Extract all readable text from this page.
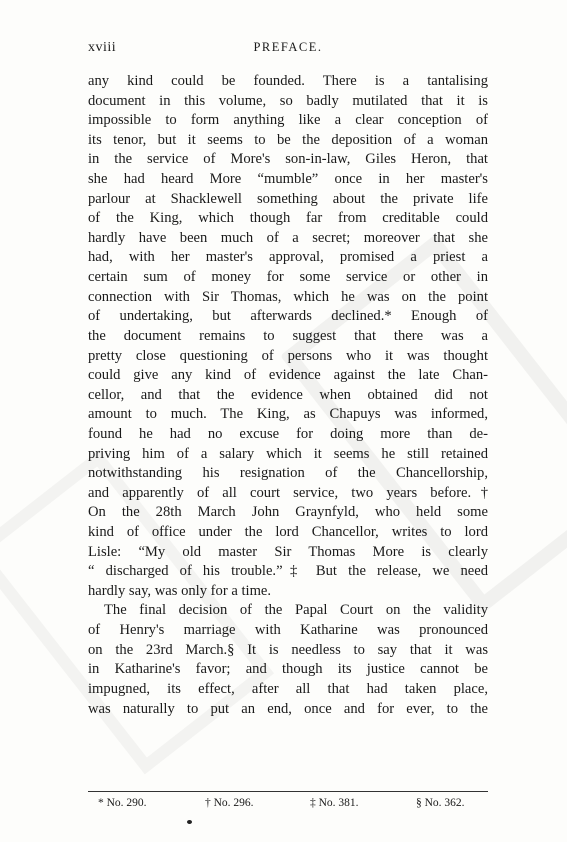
xviii	PREFACE.
any kind could be founded. There is a tantalising
document in this volume, so badly mutilated that it is
impossible to form anything like a clear conception of
its tenor, but it seems to be the deposition of a woman
in the service of More's son-in-law, Giles Heron, that
she had heard More “mumble” once in her master's
parlour at Shacklewell something about the private life
of the King, which though far from creditable could
hardly have been much of a secret; moreover that she
had, with her master's approval, promised a priest a
certain sum of money for some service or other in
connection with Sir Thomas, which he was on the point
of undertaking, but afterwards declined.* Enough of
the document remains to suggest that there was a
pretty close questioning of persons who it was thought
could give any kind of evidence against the late Chan-
cellor, and that the evidence when obtained did not
amount to much. The King, as Chapuys was informed,
found he had no excuse for doing more than de-
priving him of a salary which it seems he still retained
notwithstanding his resignation of the Chancellorship,
and apparently of all court service, two years before.†
On the 28th March John Graynfyld, who held some
kind of office under the lord Chancellor, writes to lord
Lisle: “My old master Sir Thomas More is clearly
“ discharged of his trouble.”‡ But the release, we need
hardly say, was only for a time.
The final decision of the Papal Court on the validity
of Henry's marriage with Katharine was pronounced
on the 23rd March.§ It is needless to say that it was
in Katharine's favor; and though its justice cannot be
impugned, its effect, after all that had taken place,
was naturally to put an end, once and for ever, to the
* No. 290.	† No. 296.	‡ No. 381.	§ No. 362.
